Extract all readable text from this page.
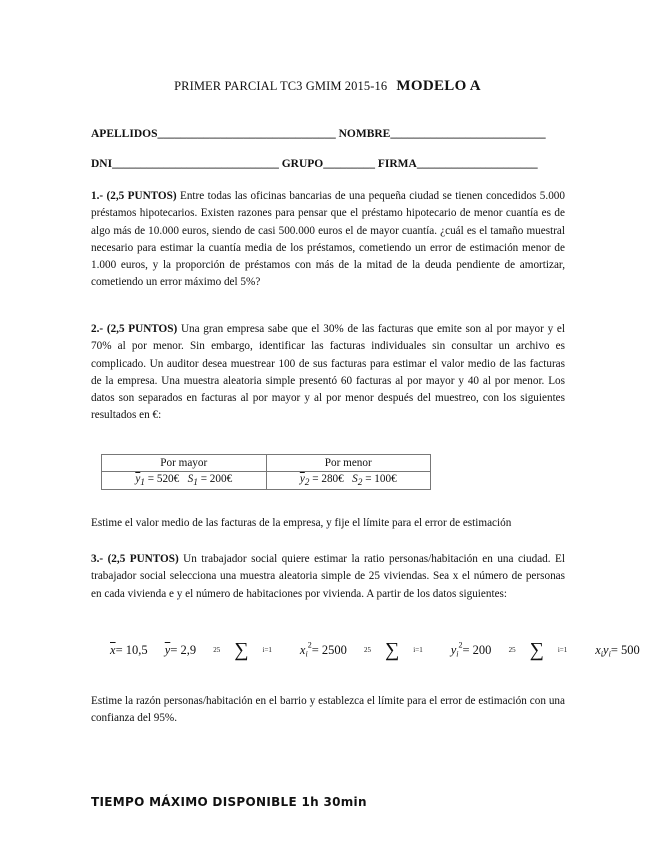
PRIMER PARCIAL TC3 GMIM 2015-16 MODELO A
APELLIDOS_______________________________ NOMBRE___________________________
DNI_____________________________ GRUPO_________ FIRMA_____________________
1.- (2,5 PUNTOS) Entre todas las oficinas bancarias de una pequeña ciudad se tienen concedidos 5.000 préstamos hipotecarios. Existen razones para pensar que el préstamo hipotecario de menor cuantía es de algo más de 10.000 euros, siendo de casi 500.000 euros el de mayor cuantía. ¿cuál es el tamaño muestral necesario para estimar la cuantía media de los préstamos, cometiendo un error de estimación menor de 1.000 euros, y la proporción de préstamos con más de la mitad de la deuda pendiente de amortizar, cometiendo un error máximo del 5%?
2.- (2,5 PUNTOS) Una gran empresa sabe que el 30% de las facturas que emite son al por mayor y el 70% al por menor. Sin embargo, identificar las facturas individuales sin consultar un archivo es complicado. Un auditor desea muestrear 100 de sus facturas para estimar el valor medio de las facturas de la empresa. Una muestra aleatoria simple presentó 60 facturas al por mayor y 40 al por menor. Los datos son separados en facturas al por mayor y al por menor después del muestreo, con los siguientes resultados en €:
Por mayor	Por menor
$\overline{y}_1$ = 520€ $S_1$ = 200€	$\overline{y}_2$ = 280€ $S_2$ = 100€
Estime el valor medio de las facturas de la empresa, y fije el límite para el error de estimación
3.- (2,5 PUNTOS) Un trabajador social quiere estimar la ratio personas/habitación en una ciudad. El trabajador social selecciona una muestra aleatoria simple de 25 viviendas. Sea x el número de personas en cada vivienda e y el número de habitaciones por vivienda. A partir de los datos siguientes:
$\overline{x}= 10,5$ $\overline{y}= 2,9$ 25 ∑ i=1 $x_i^2= 2500$ 25 ∑ i=1 $y_i^2= 200$ 25 ∑ i=1 $x_iy_i= 500$
Estime la razón personas/habitación en el barrio y establezca el límite para el error de estimación con una confianza del 95%.
TIEMPO MÁXIMO DISPONIBLE 1h 30min
